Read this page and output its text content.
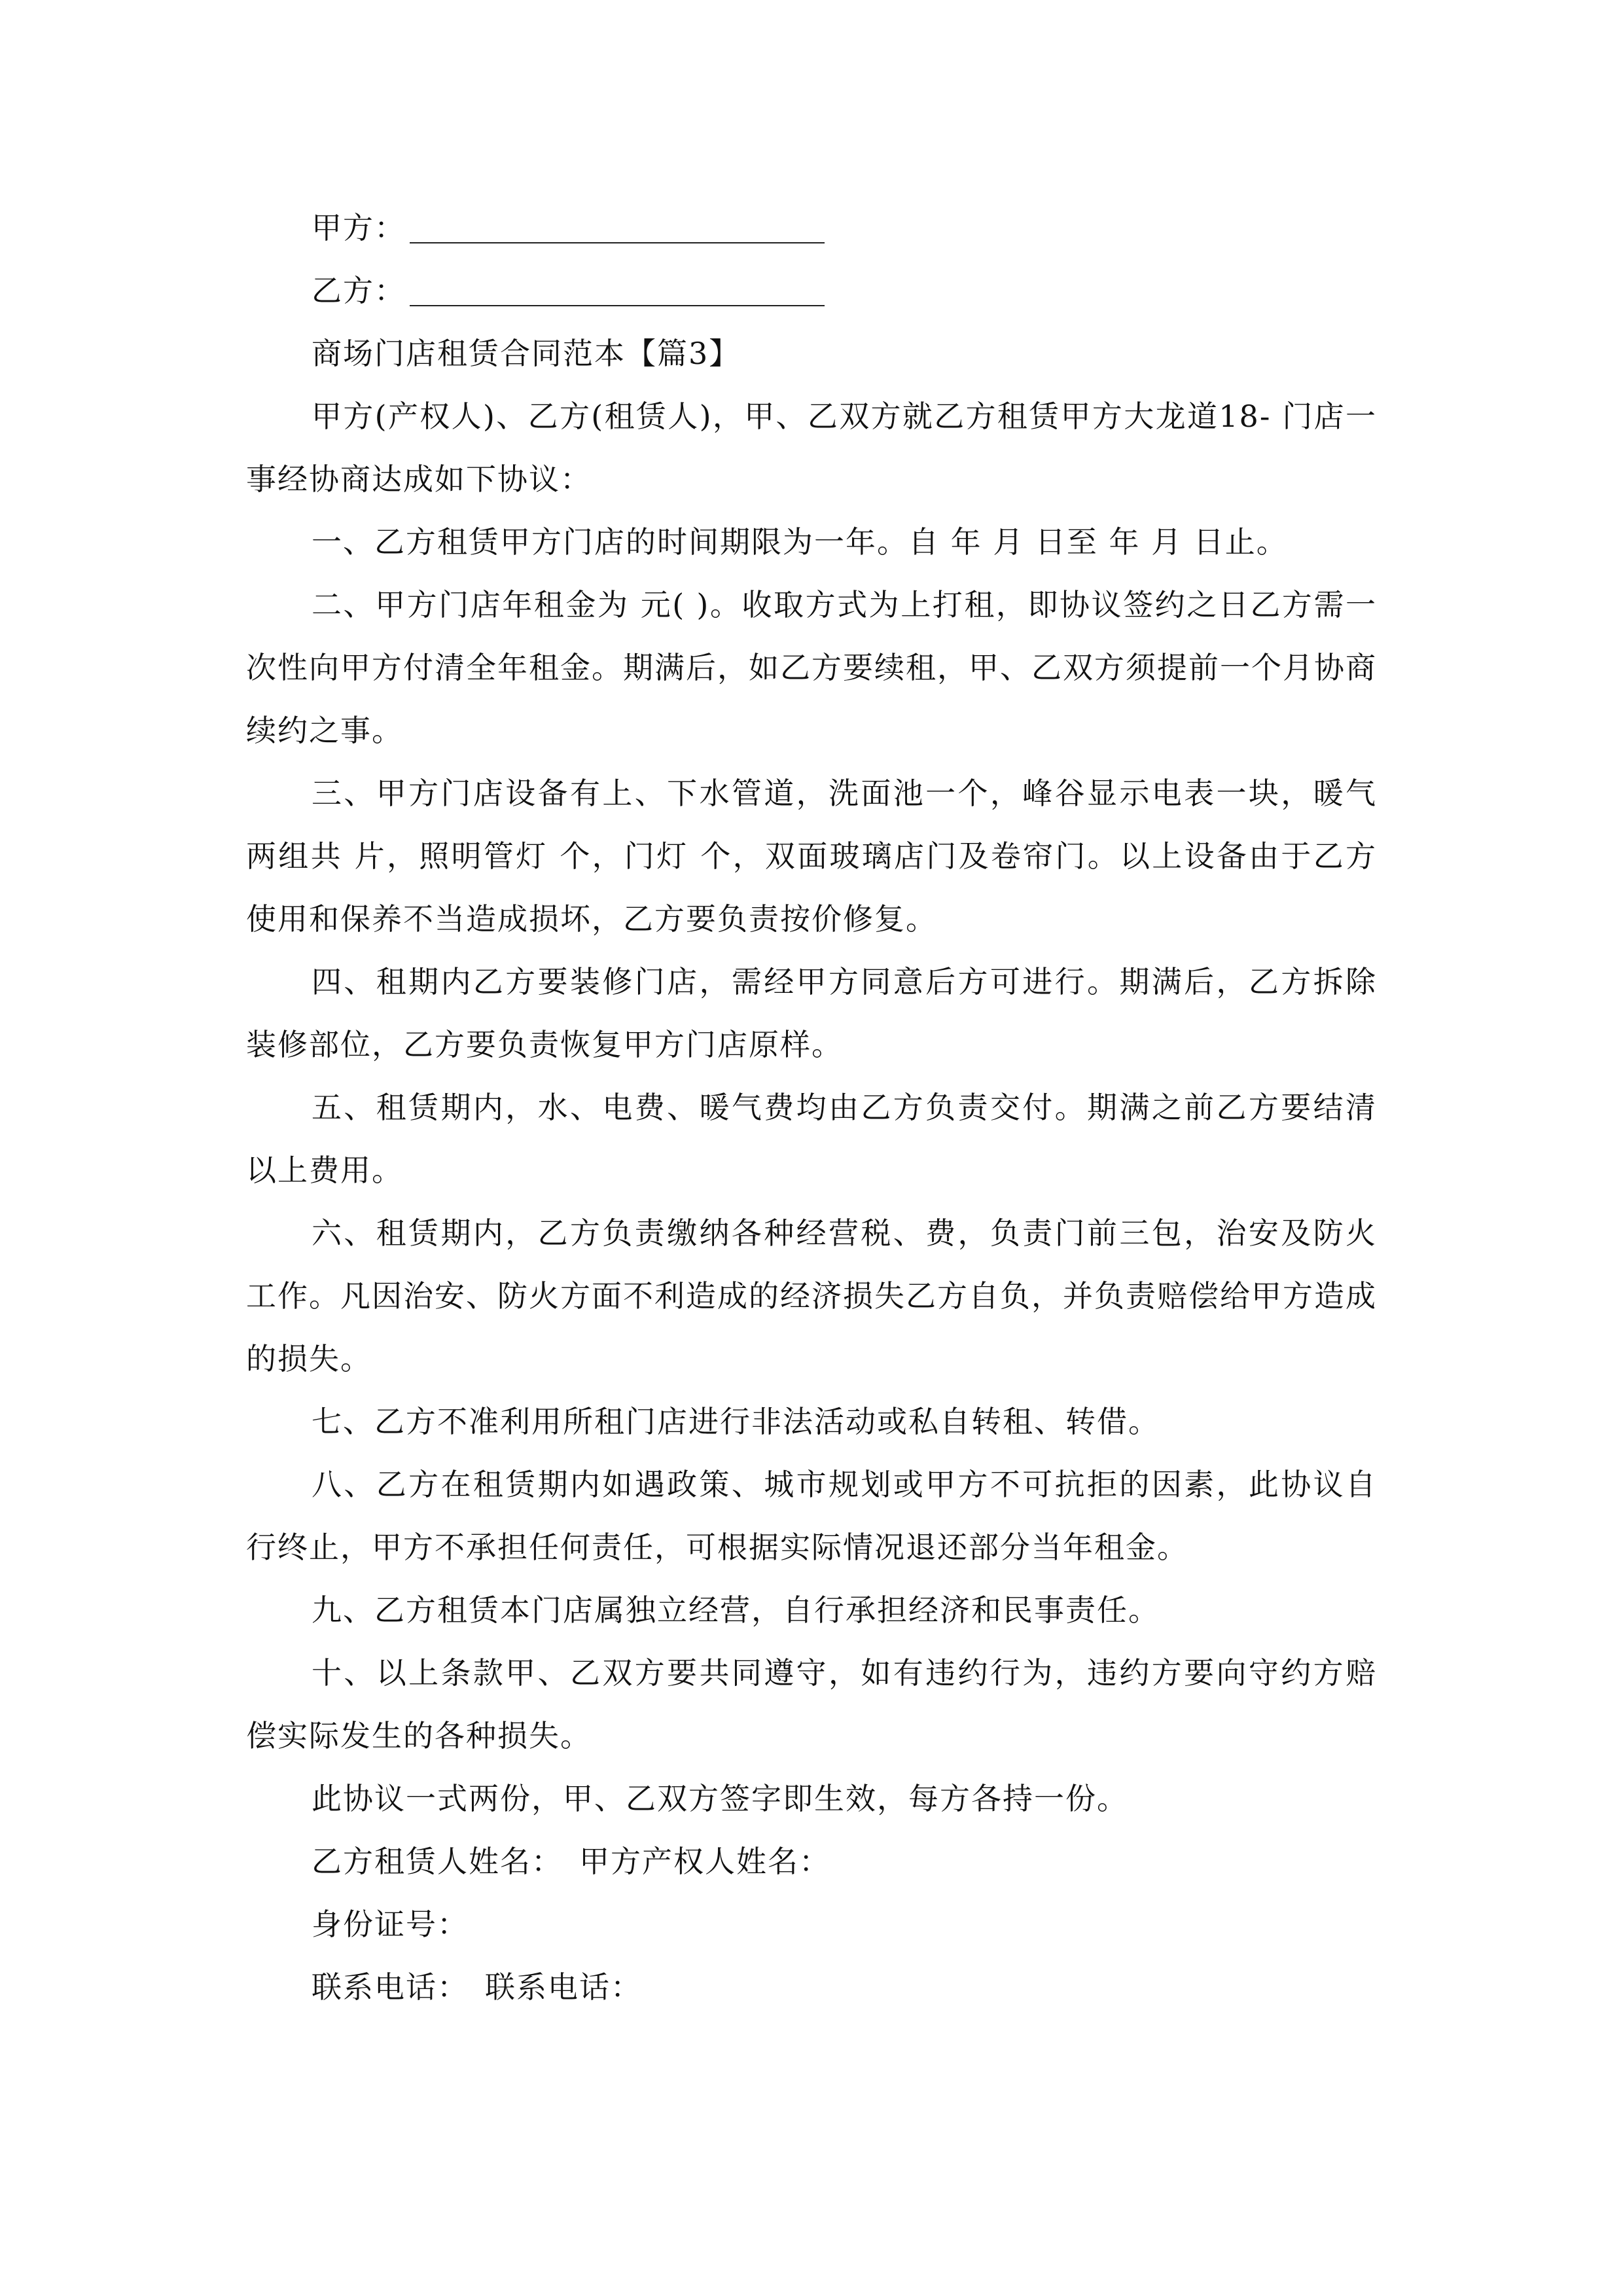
甲方：
乙方：
商场门店租赁合同范本【篇3】

甲方(产权人)、乙方(租赁人)，甲、乙双方就乙方租赁甲方大龙道18- 门店一事经协商达成如下协议：

一、乙方租赁甲方门店的时间期限为一年。自 年 月 日至 年 月 日止。

二、甲方门店年租金为 元( )。收取方式为上打租，即协议签约之日乙方需一次性向甲方付清全年租金。期满后，如乙方要续租，甲、乙双方须提前一个月协商续约之事。

三、甲方门店设备有上、下水管道，洗面池一个，峰谷显示电表一块，暖气两组共 片，照明管灯 个，门灯 个，双面玻璃店门及卷帘门。以上设备由于乙方使用和保养不当造成损坏，乙方要负责按价修复。

四、租期内乙方要装修门店，需经甲方同意后方可进行。期满后，乙方拆除装修部位，乙方要负责恢复甲方门店原样。

五、租赁期内，水、电费、暖气费均由乙方负责交付。期满之前乙方要结清以上费用。

六、租赁期内，乙方负责缴纳各种经营税、费，负责门前三包，治安及防火工作。凡因治安、防火方面不利造成的经济损失乙方自负，并负责赔偿给甲方造成的损失。

七、乙方不准利用所租门店进行非法活动或私自转租、转借。

八、乙方在租赁期内如遇政策、城市规划或甲方不可抗拒的因素，此协议自行终止，甲方不承担任何责任，可根据实际情况退还部分当年租金。

九、乙方租赁本门店属独立经营，自行承担经济和民事责任。

十、以上条款甲、乙双方要共同遵守，如有违约行为，违约方要向守约方赔偿实际发生的各种损失。

此协议一式两份，甲、乙双方签字即生效，每方各持一份。

乙方租赁人姓名：　甲方产权人姓名：
身份证号：
联系电话：　联系电话：
